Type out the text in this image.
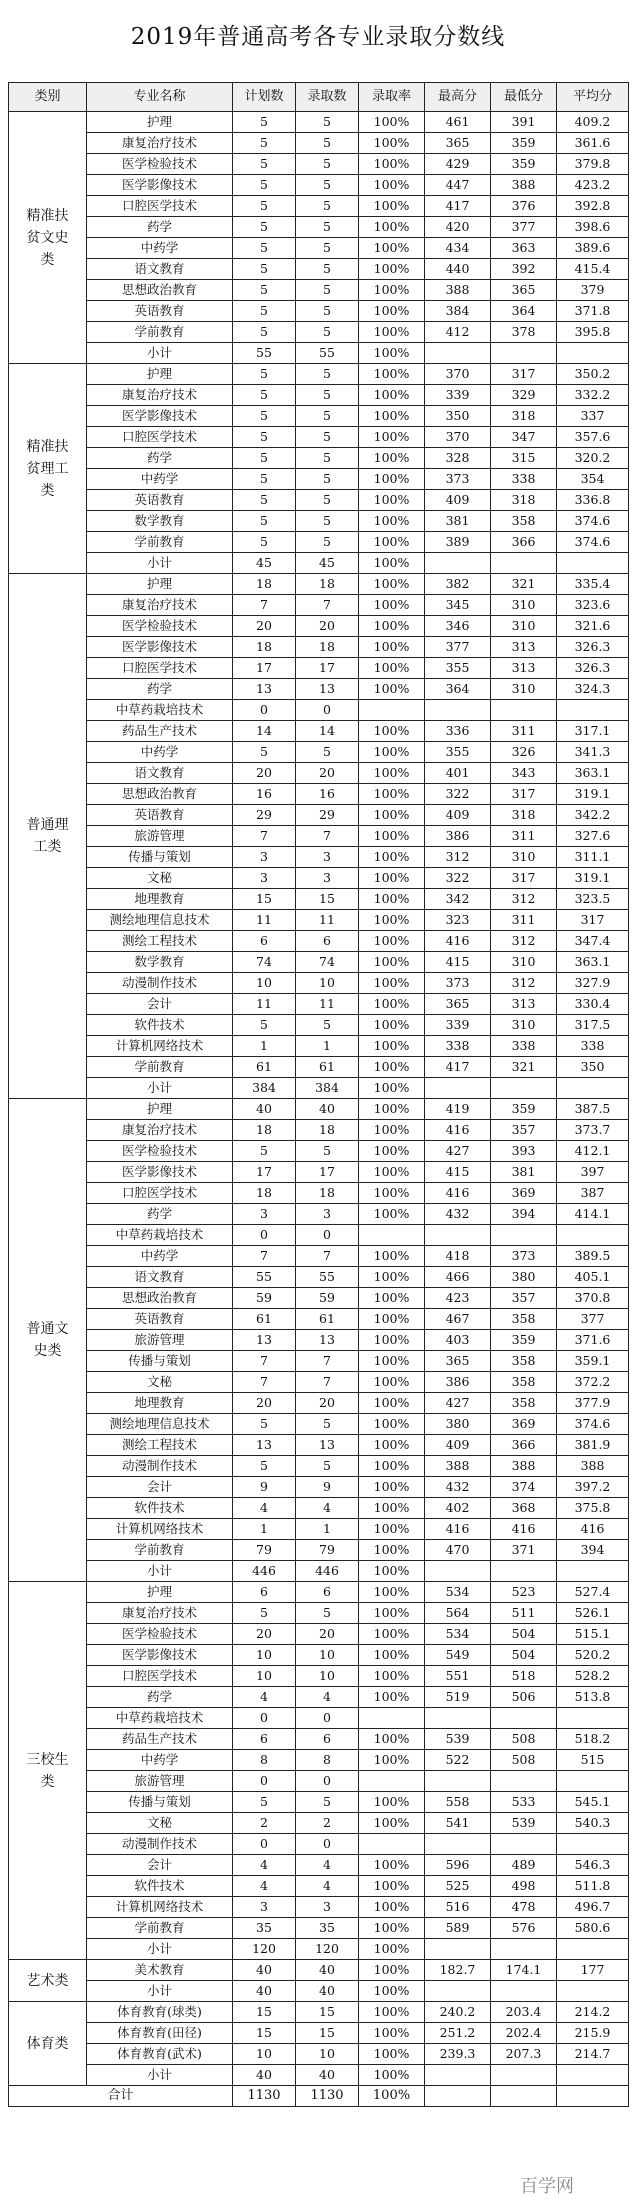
2019年普通高考各专业录取分数线
类别	专业名称	计划数	录取数	录取率	最高分	最低分	平均分
精准扶贫文史类	护理	5	5	100%	461	391	409.2
	康复治疗技术	5	5	100%	365	359	361.6
	医学检验技术	5	5	100%	429	359	379.8
	医学影像技术	5	5	100%	447	388	423.2
	口腔医学技术	5	5	100%	417	376	392.8
	药学	5	5	100%	420	377	398.6
	中药学	5	5	100%	434	363	389.6
	语文教育	5	5	100%	440	392	415.4
	思想政治教育	5	5	100%	388	365	379
	英语教育	5	5	100%	384	364	371.8
	学前教育	5	5	100%	412	378	395.8
	小计	55	55	100%			
精准扶贫理工类	护理	5	5	100%	370	317	350.2
	康复治疗技术	5	5	100%	339	329	332.2
	医学影像技术	5	5	100%	350	318	337
	口腔医学技术	5	5	100%	370	347	357.6
	药学	5	5	100%	328	315	320.2
	中药学	5	5	100%	373	338	354
	英语教育	5	5	100%	409	318	336.8
	数学教育	5	5	100%	381	358	374.6
	学前教育	5	5	100%	389	366	374.6
	小计	45	45	100%			
普通理工类	护理	18	18	100%	382	321	335.4
	康复治疗技术	7	7	100%	345	310	323.6
	医学检验技术	20	20	100%	346	310	321.6
	医学影像技术	18	18	100%	377	313	326.3
	口腔医学技术	17	17	100%	355	313	326.3
	药学	13	13	100%	364	310	324.3
	中草药栽培技术	0	0				
	药品生产技术	14	14	100%	336	311	317.1
	中药学	5	5	100%	355	326	341.3
	语文教育	20	20	100%	401	343	363.1
	思想政治教育	16	16	100%	322	317	319.1
	英语教育	29	29	100%	409	318	342.2
	旅游管理	7	7	100%	386	311	327.6
	传播与策划	3	3	100%	312	310	311.1
	文秘	3	3	100%	322	317	319.1
	地理教育	15	15	100%	342	312	323.5
	测绘地理信息技术	11	11	100%	323	311	317
	测绘工程技术	6	6	100%	416	312	347.4
	数学教育	74	74	100%	415	310	363.1
	动漫制作技术	10	10	100%	373	312	327.9
	会计	11	11	100%	365	313	330.4
	软件技术	5	5	100%	339	310	317.5
	计算机网络技术	1	1	100%	338	338	338
	学前教育	61	61	100%	417	321	350
	小计	384	384	100%			
普通文史类	护理	40	40	100%	419	359	387.5
	康复治疗技术	18	18	100%	416	357	373.7
	医学检验技术	5	5	100%	427	393	412.1
	医学影像技术	17	17	100%	415	381	397
	口腔医学技术	18	18	100%	416	369	387
	药学	3	3	100%	432	394	414.1
	中草药栽培技术	0	0				
	中药学	7	7	100%	418	373	389.5
	语文教育	55	55	100%	466	380	405.1
	思想政治教育	59	59	100%	423	357	370.8
	英语教育	61	61	100%	467	358	377
	旅游管理	13	13	100%	403	359	371.6
	传播与策划	7	7	100%	365	358	359.1
	文秘	7	7	100%	386	358	372.2
	地理教育	20	20	100%	427	358	377.9
	测绘地理信息技术	5	5	100%	380	369	374.6
	测绘工程技术	13	13	100%	409	366	381.9
	动漫制作技术	5	5	100%	388	388	388
	会计	9	9	100%	432	374	397.2
	软件技术	4	4	100%	402	368	375.8
	计算机网络技术	1	1	100%	416	416	416
	学前教育	79	79	100%	470	371	394
	小计	446	446	100%			
三校生类	护理	6	6	100%	534	523	527.4
	康复治疗技术	5	5	100%	564	511	526.1
	医学检验技术	20	20	100%	534	504	515.1
	医学影像技术	10	10	100%	549	504	520.2
	口腔医学技术	10	10	100%	551	518	528.2
	药学	4	4	100%	519	506	513.8
	中草药栽培技术	0	0				
	药品生产技术	6	6	100%	539	508	518.2
	中药学	8	8	100%	522	508	515
	旅游管理	0	0				
	传播与策划	5	5	100%	558	533	545.1
	文秘	2	2	100%	541	539	540.3
	动漫制作技术	0	0				
	会计	4	4	100%	596	489	546.3
	软件技术	4	4	100%	525	498	511.8
	计算机网络技术	3	3	100%	516	478	496.7
	学前教育	35	35	100%	589	576	580.6
	小计	120	120	100%			
艺术类	美术教育	40	40	100%	182.7	174.1	177
	小计	40	40	100%			
体育类	体育教育(球类)	15	15	100%	240.2	203.4	214.2
	体育教育(田径)	15	15	100%	251.2	202.4	215.9
	体育教育(武术)	10	10	100%	239.3	207.3	214.7
	小计	40	40	100%			
合计		1130	1130	100%			
百学网
